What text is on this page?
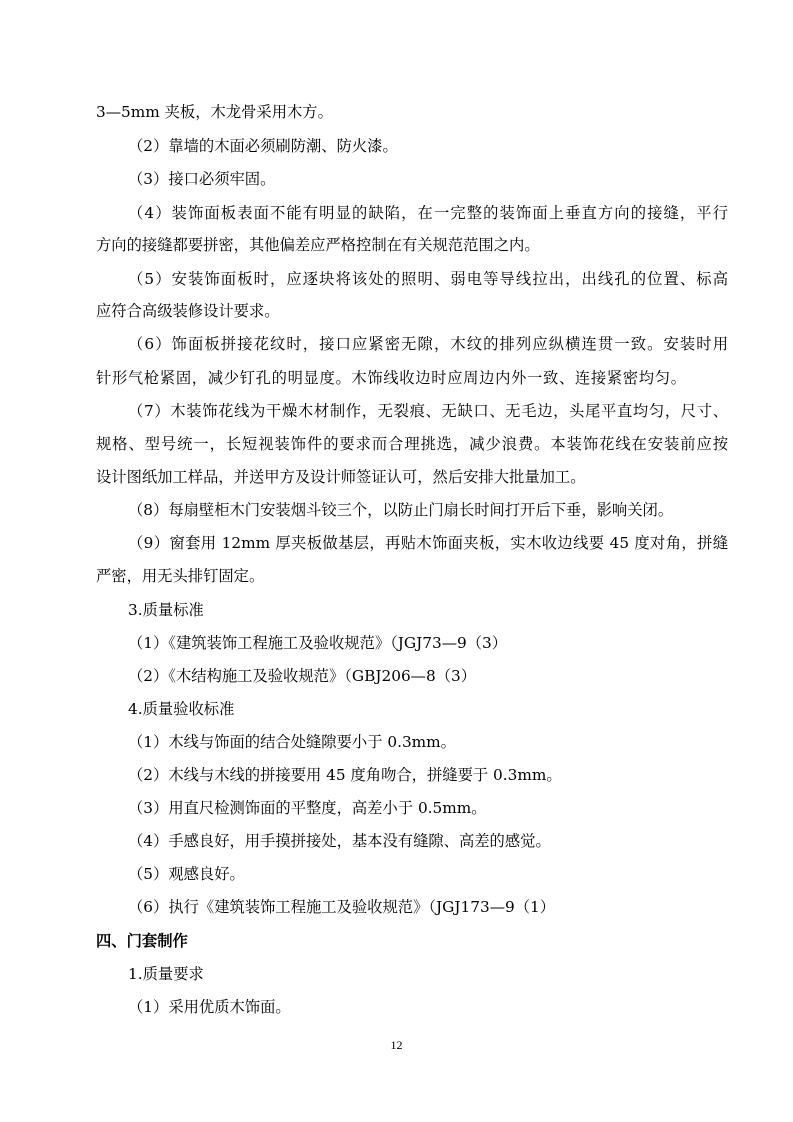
3—5mm 夹板，木龙骨采用木方。
（2）靠墙的木面必须刷防潮、防火漆。
（3）接口必须牢固。
（4）装饰面板表面不能有明显的缺陷，在一完整的装饰面上垂直方向的接缝，平行
方向的接缝都要拼密，其他偏差应严格控制在有关规范范围之内。
（5）安装饰面板时，应逐块将该处的照明、弱电等导线拉出，出线孔的位置、标高
应符合高级装修设计要求。
（6）饰面板拼接花纹时，接口应紧密无隙，木纹的排列应纵横连贯一致。安装时用
针形气枪紧固，减少钉孔的明显度。木饰线收边时应周边内外一致、连接紧密均匀。
（7）木装饰花线为干燥木材制作，无裂痕、无缺口、无毛边，头尾平直均匀，尺寸、
规格、型号统一，长短视装饰件的要求而合理挑选，减少浪费。本装饰花线在安装前应按
设计图纸加工样品，并送甲方及设计师签证认可，然后安排大批量加工。
（8）每扇壁柜木门安装烟斗铰三个，以防止门扇长时间打开后下垂，影响关闭。
（9）窗套用 12mm 厚夹板做基层，再贴木饰面夹板，实木收边线要 45 度对角，拼缝
严密，用无头排钉固定。
3.质量标准
（1）《建筑装饰工程施工及验收规范》（JGJ73—9（3）
（2）《木结构施工及验收规范》（GBJ206—8（3）
4.质量验收标准
（1）木线与饰面的结合处缝隙要小于 0.3mm。
（2）木线与木线的拼接要用 45 度角吻合，拼缝要于 0.3mm。
（3）用直尺检测饰面的平整度，高差小于 0.5mm。
（4）手感良好，用手摸拼接处，基本没有缝隙、高差的感觉。
（5）观感良好。
（6）执行《建筑装饰工程施工及验收规范》（JGJ173—9（1）
四、门套制作
1.质量要求
（1）采用优质木饰面。
12
